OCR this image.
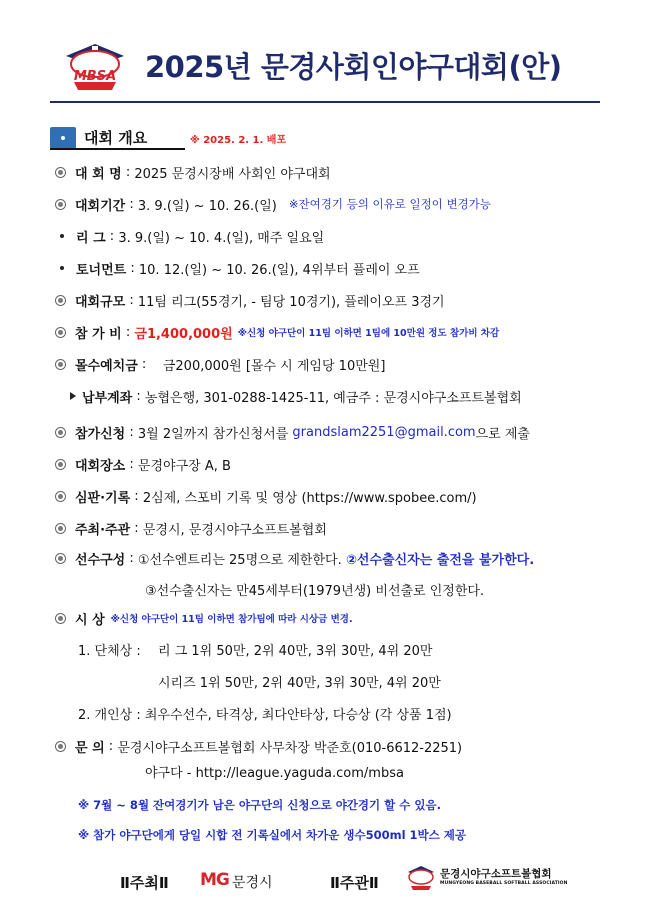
MBSA 2025년 문경사회인야구대회(안)
대회 개요	※ 2025. 2. 1. 배포
대 회 명 : 2025 문경시장배 사회인 야구대회
대회기간 : 3. 9.(일) ~ 10. 26.(일) ※잔여경기 등의 이유로 일정이 변경가능
리 그 : 3. 9.(일) ~ 10. 4.(일), 매주 일요일
토너먼트 : 10. 12.(일) ~ 10. 26.(일), 4위부터 플레이 오프
대회규모 : 11팀 리그(55경기, - 팀당 10경기), 플레이오프 3경기
참 가 비 : 금1,400,000원 ※신청 야구단이 11팀 이하면 1팀에 10만원 정도 참가비 차감
몰수예치금 : 금200,000원 [몰수 시 게임당 10만원]
납부계좌 : 농협은행, 301-0288-1425-11, 예금주 : 문경시야구소프트볼협회
참가신청 : 3월 2일까지 참가신청서를
grandslam2251@gmail.com 으로 제출
대회장소 : 문경야구장 A, B
심판·기록 : 2심제, 스포비 기록 및 영상 (https://www.spobee.com/)
주최·주관 : 문경시, 문경시야구소프트볼협회
선수구성 : ①선수엔트리는 25명으로 제한한다.
②선수출신자는 출전을 불가한다.
③선수출신자는 만45세부터(1979년생) 비선출로 인정한다.
시 상 ※신청 야구단이 11팀 이하면 참가팀에 따라 시상금 변경.
1. 단체상 : 리 그 1위 50만, 2위 40만, 3위 30만, 4위 20만
시리즈 1위 50만, 2위 40만, 3위 30만, 4위 20만
2. 개인상 : 최우수선수, 타격상, 최다안타상, 다승상 (각 상품 1점)
문 의 : 문경시야구소프트볼협회 사무차장 박준호(010-6612-2251)
야구다 - http://league.yaguda.com/mbsa
※ 7월 ~ 8월 잔여경기가 남은 야구단의 신청으로 야간경기 할 수 있음.
※ 참가 야구단에게 당일 시합 전 기록실에서 차가운 생수500ml 1박스 제공
Ⅱ주최Ⅱ MG 문경시	Ⅱ주관Ⅱ	문경시야구소프트볼협회
MUNGYEONG BASEBALL SOFTBALL ASSOCIATION
